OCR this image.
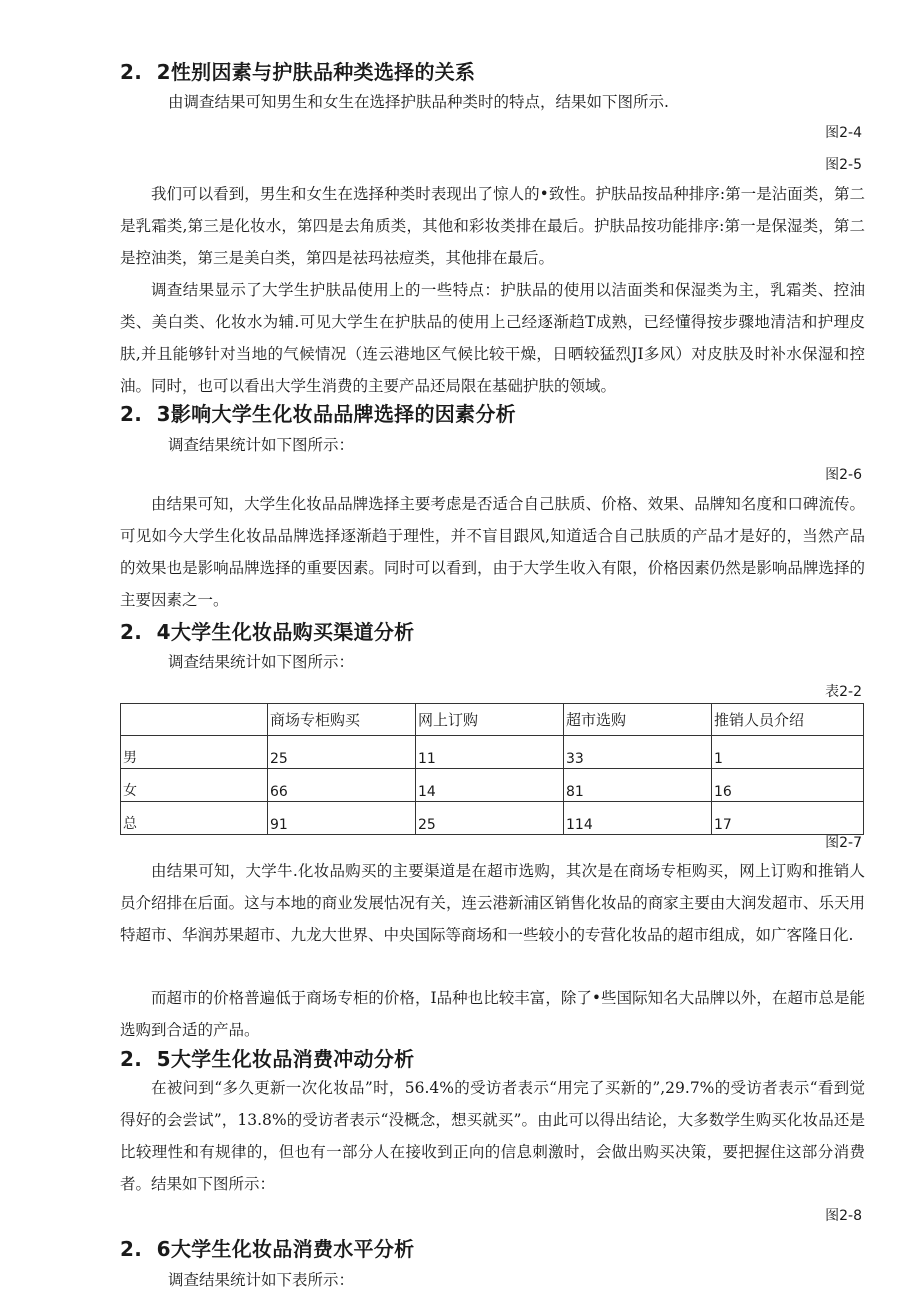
2.  2性别因素与护肤品种类选择的关系
由调查结果可知男生和女生在选择护肤品种类时的特点，结果如下图所示.
图2-4
图2-5

我们可以看到，男生和女生在选择种类时表现出了惊人的•致性。护肤品按品种排序:第一是沾面类，第二是乳霜类,第三是化妆水，第四是去角质类，其他和彩妆类排在最后。护肤品按功能排序:第一是保湿类，第二是控油类，第三是美白类，第四是祛玛祛痘类，其他排在最后。

调查结果显示了大学生护肤品使用上的一些特点：护肤品的使用以洁面类和保湿类为主，乳霜类、控油类、美白类、化妆水为辅.可见大学生在护肤品的使用上己经逐渐趋T成熟，已经懂得按步骤地清洁和护理皮肤,并且能够针对当地的气候情况（连云港地区气候比较干燥，日晒较猛烈JI多风）对皮肤及时补水保湿和控油。同时，也可以看出大学生消费的主要产品还局限在基础护肤的领域。

2.  3影响大学生化妆品品牌选择的因素分析
调查结果统计如下图所示：
图2-6

由结果可知，大学生化妆品品牌选择主要考虑是否适合自己肤质、价格、效果、品牌知名度和口碑流传。可见如今大学生化妆品品牌选择逐渐趋于理性，并不盲目跟风,知道适合自己肤质的产品才是好的，当然产品的效果也是影响品牌选择的重要因素。同时可以看到，由于大学生收入有限，价格因素仍然是影响品牌选择的主要因素之一。

2.  4大学生化妆品购买渠道分析
调查结果统计如下图所示：
表2-2
	商场专柜购买	网上订购	超市选购	推销人员介绍
男	25	11	33	1
女	66	14	81	16
总	91	25	114	17
图2-7

由结果可知，大学牛.化妆品购买的主要渠道是在超市选购，其次是在商场专柜购买，网上订购和推销人员介绍排在后面。这与本地的商业发展怙况有关，连云港新浦区销售化妆品的商家主要由大润发超市、乐天用特超市、华润苏果超市、九龙大世界、中央国际等商场和一些较小的专营化妆品的超市组成，如广客隆日化.

而超市的价格普遍低于商场专柜的价格，I品种也比较丰富，除了•些国际知名大品牌以外，在超市总是能选购到合适的产品。

2.  5大学生化妆品消费冲动分析

在被问到“多久更新一次化妆品”时，56.4%的受访者表示“用完了买新的”,29.7%的受访者表示“看到觉得好的会尝试”，13.8%的受访者表示“没概念，想买就买”。由此可以得出结论，大多数学生购买化妆品还是比较理性和有规律的，但也有一部分人在接收到正向的信息刺激时，会做出购买决策，要把握住这部分消费者。结果如下图所示：

图2-8
2.  6大学生化妆品消费水平分析
调查结果统计如下表所示：
